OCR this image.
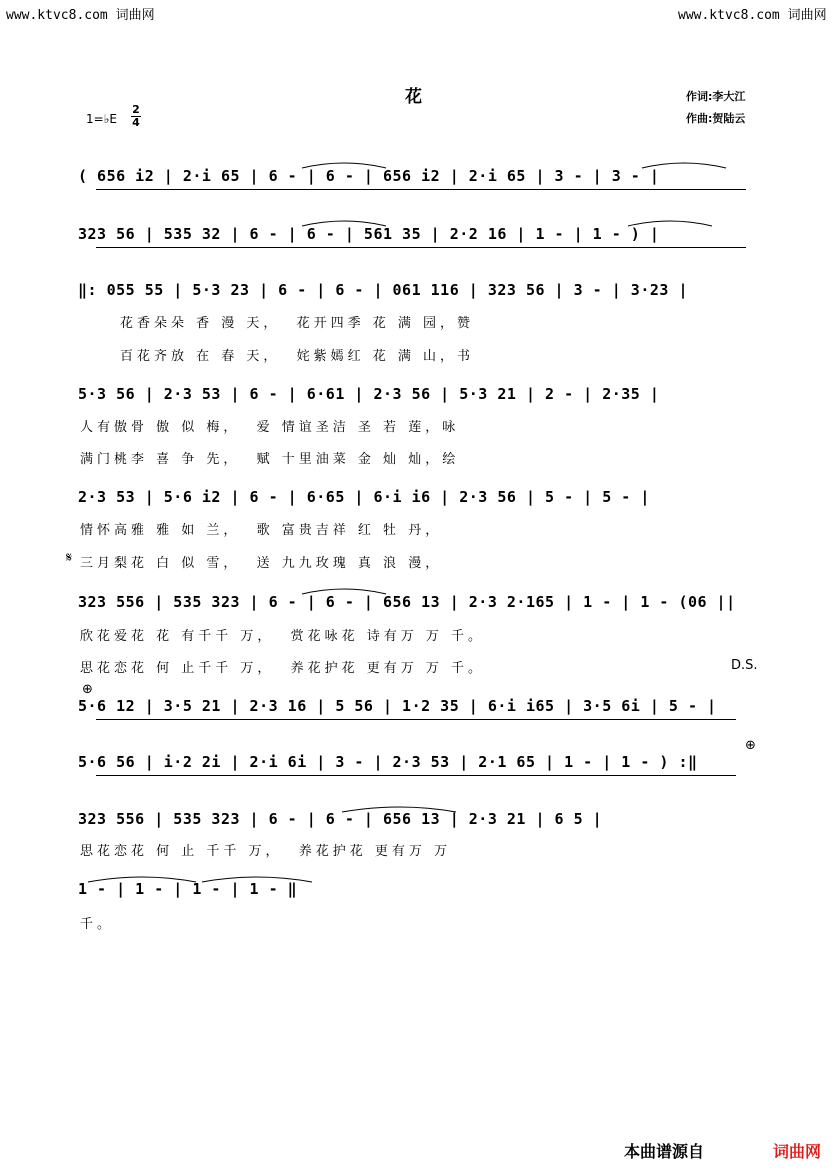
www.ktvc8.com 词曲网	www.ktvc8.com 词曲网
花	作词:李大江
作曲:贺陆云
1=♭E
2
4
( 656 i2 | 2·i 65 | 6 - | 6 - | 656 i2 | 2·i 65 | 3 - | 3 - |
323 56 | 535 32 | 6 - | 6 - | 561 35 | 2·2 16 | 1 - | 1 - ) |
‖: 055 55 | 5·3 23 | 6 - | 6 - | 061 116 | 323 56 | 3 - | 3·23 |
花香朵朵 香 漫 天，  花开四季 花 满 园，赞
百花齐放 在 春 天，  姹紫嫣红 花 满 山，书
5·3 56 | 2·3 53 | 6 - | 6·61 | 2·3 56 | 5·3 21 | 2 - | 2·35 |
人有傲骨 傲 似 梅，  爱 情谊圣洁 圣 若 莲，咏
满门桃李 喜 争 先，  赋 十里油菜 金 灿 灿，绘
2·3 53 | 5·6 i2 | 6 - | 6·65 | 6·i i6 | 2·3 56 | 5 - | 5 - |
情怀高雅 雅 如 兰，  歌 富贵吉祥 红 牡 丹，
𝄋 三月梨花 白 似 雪，  送 九九玫瑰 真 浪 漫，
323 556 | 535 323 | 6 - | 6 - | 656 13 | 2·3 2·165 | 1 - | 1 - (06 ||
欣花爱花 花 有千千 万，  赏花咏花 诗有万 万 千。
思花恋花 何 止千千 万，  养花护花 更有万 万 千。	D.S.
⊕
5·6 12 | 3·5 21 | 2·3 16 | 5 56 | 1·2 35 | 6·i i65 | 3·5 6i | 5 - |
⊕
5·6 56 | i·2 2i | 2·i 6i | 3 - | 2·3 53 | 2·1 65 | 1 - | 1 - ) :‖
323 556 | 535 323 | 6 - | 6 - | 656 13 | 2·3 21 | 6 5 |
思花恋花 何 止 千千 万，  养花护花 更有万 万
1 - | 1 - | 1 - | 1 - ‖
千。
本曲谱源自	词曲网
